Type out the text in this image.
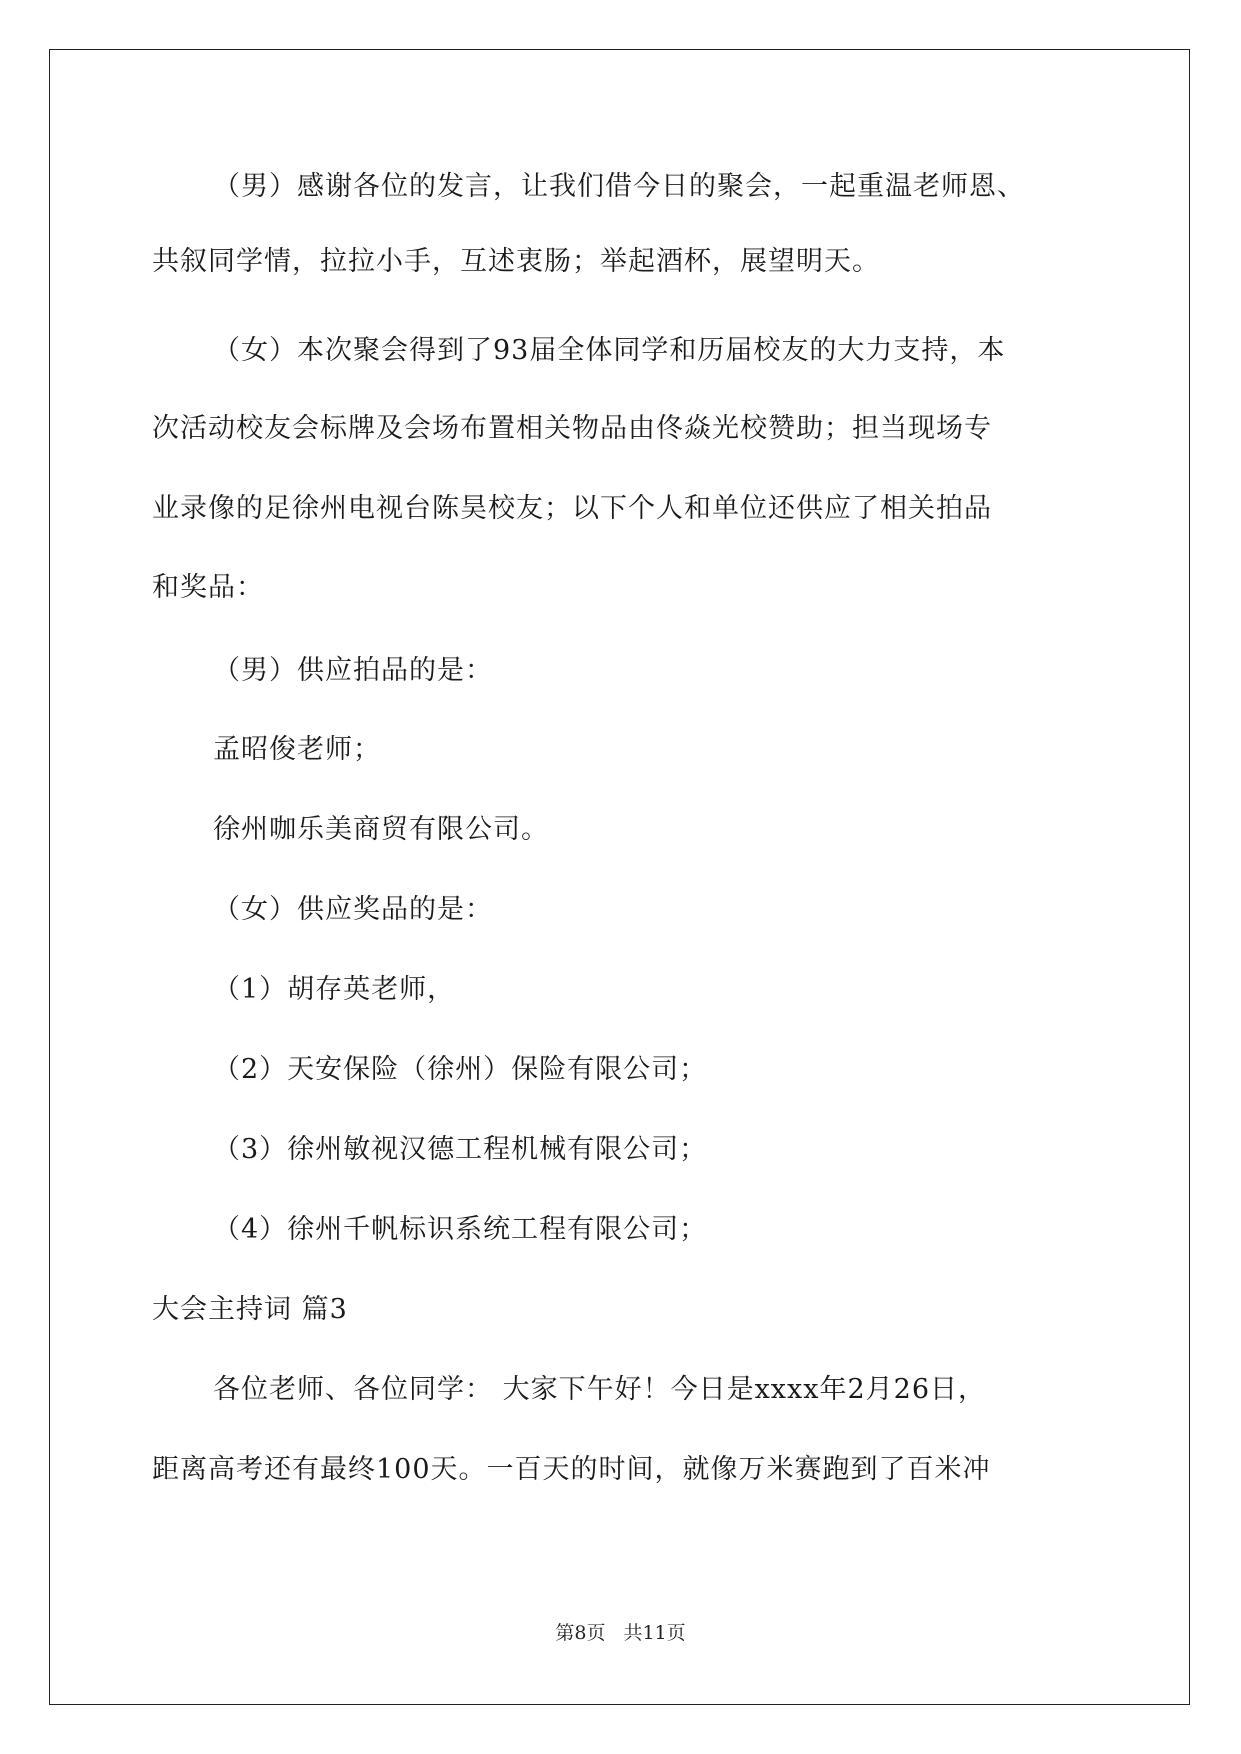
（男）感谢各位的发言，让我们借今日的聚会，一起重温老师恩、
共叙同学情，拉拉小手，互述衷肠；举起酒杯，展望明天。
（女）本次聚会得到了93届全体同学和历届校友的大力支持，本
次活动校友会标牌及会场布置相关物品由佟焱光校赞助；担当现场专
业录像的足徐州电视台陈昊校友；以下个人和单位还供应了相关拍品
和奖品：
（男）供应拍品的是：
孟昭俊老师；
徐州咖乐美商贸有限公司。
（女）供应奖品的是：
（1）胡存英老师，
（2）天安保险（徐州）保险有限公司；
（3）徐州敏视汉德工程机械有限公司；
（4）徐州千帆标识系统工程有限公司；
大会主持词 篇3
各位老师、各位同学： 大家下午好！今日是xxxx年2月26日，
距离高考还有最终100天。一百天的时间，就像万米赛跑到了百米冲
第8页 共11页
